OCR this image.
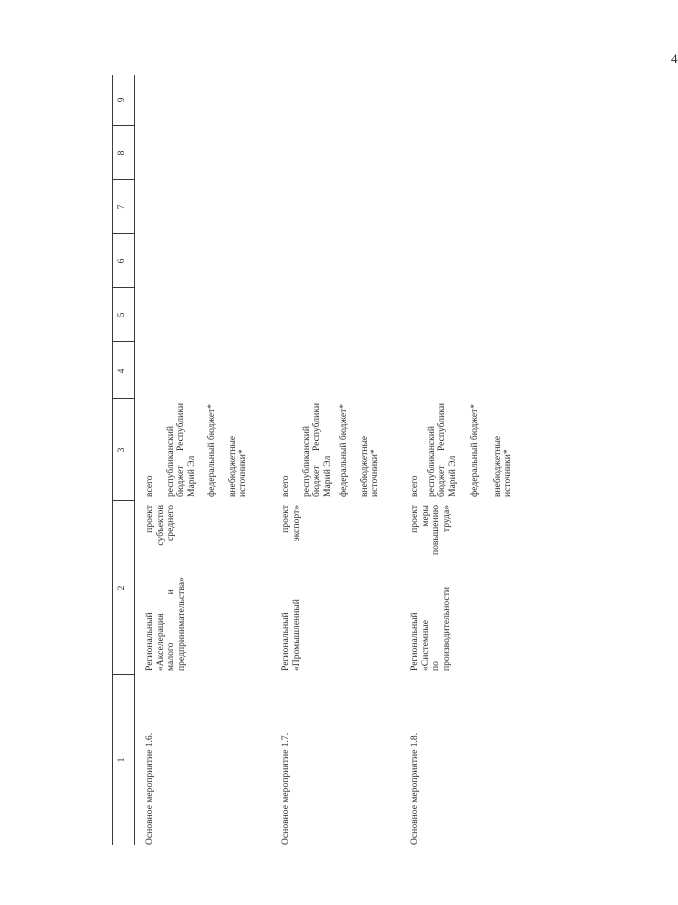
4
1
2
3
4
5
6
7
8
9
Основное мероприятие 1.6.
Региональный проект «Акселерация субъектов малого и среднего предпринимательства»
всего республиканский бюджет Республики Марий Эл федеральный бюджет* внебюджетные источники*
Основное мероприятие 1.7.
Региональный проект «Промышленный экспорт»
всего республиканский бюджет Республики Марий Эл федеральный бюджет* внебюджетные источники*
Основное мероприятие 1.8.
Региональный проект «Системные меры по повышению производительности труда»
всего республиканский бюджет Республики Марий Эл федеральный бюджет* внебюджетные источники*
